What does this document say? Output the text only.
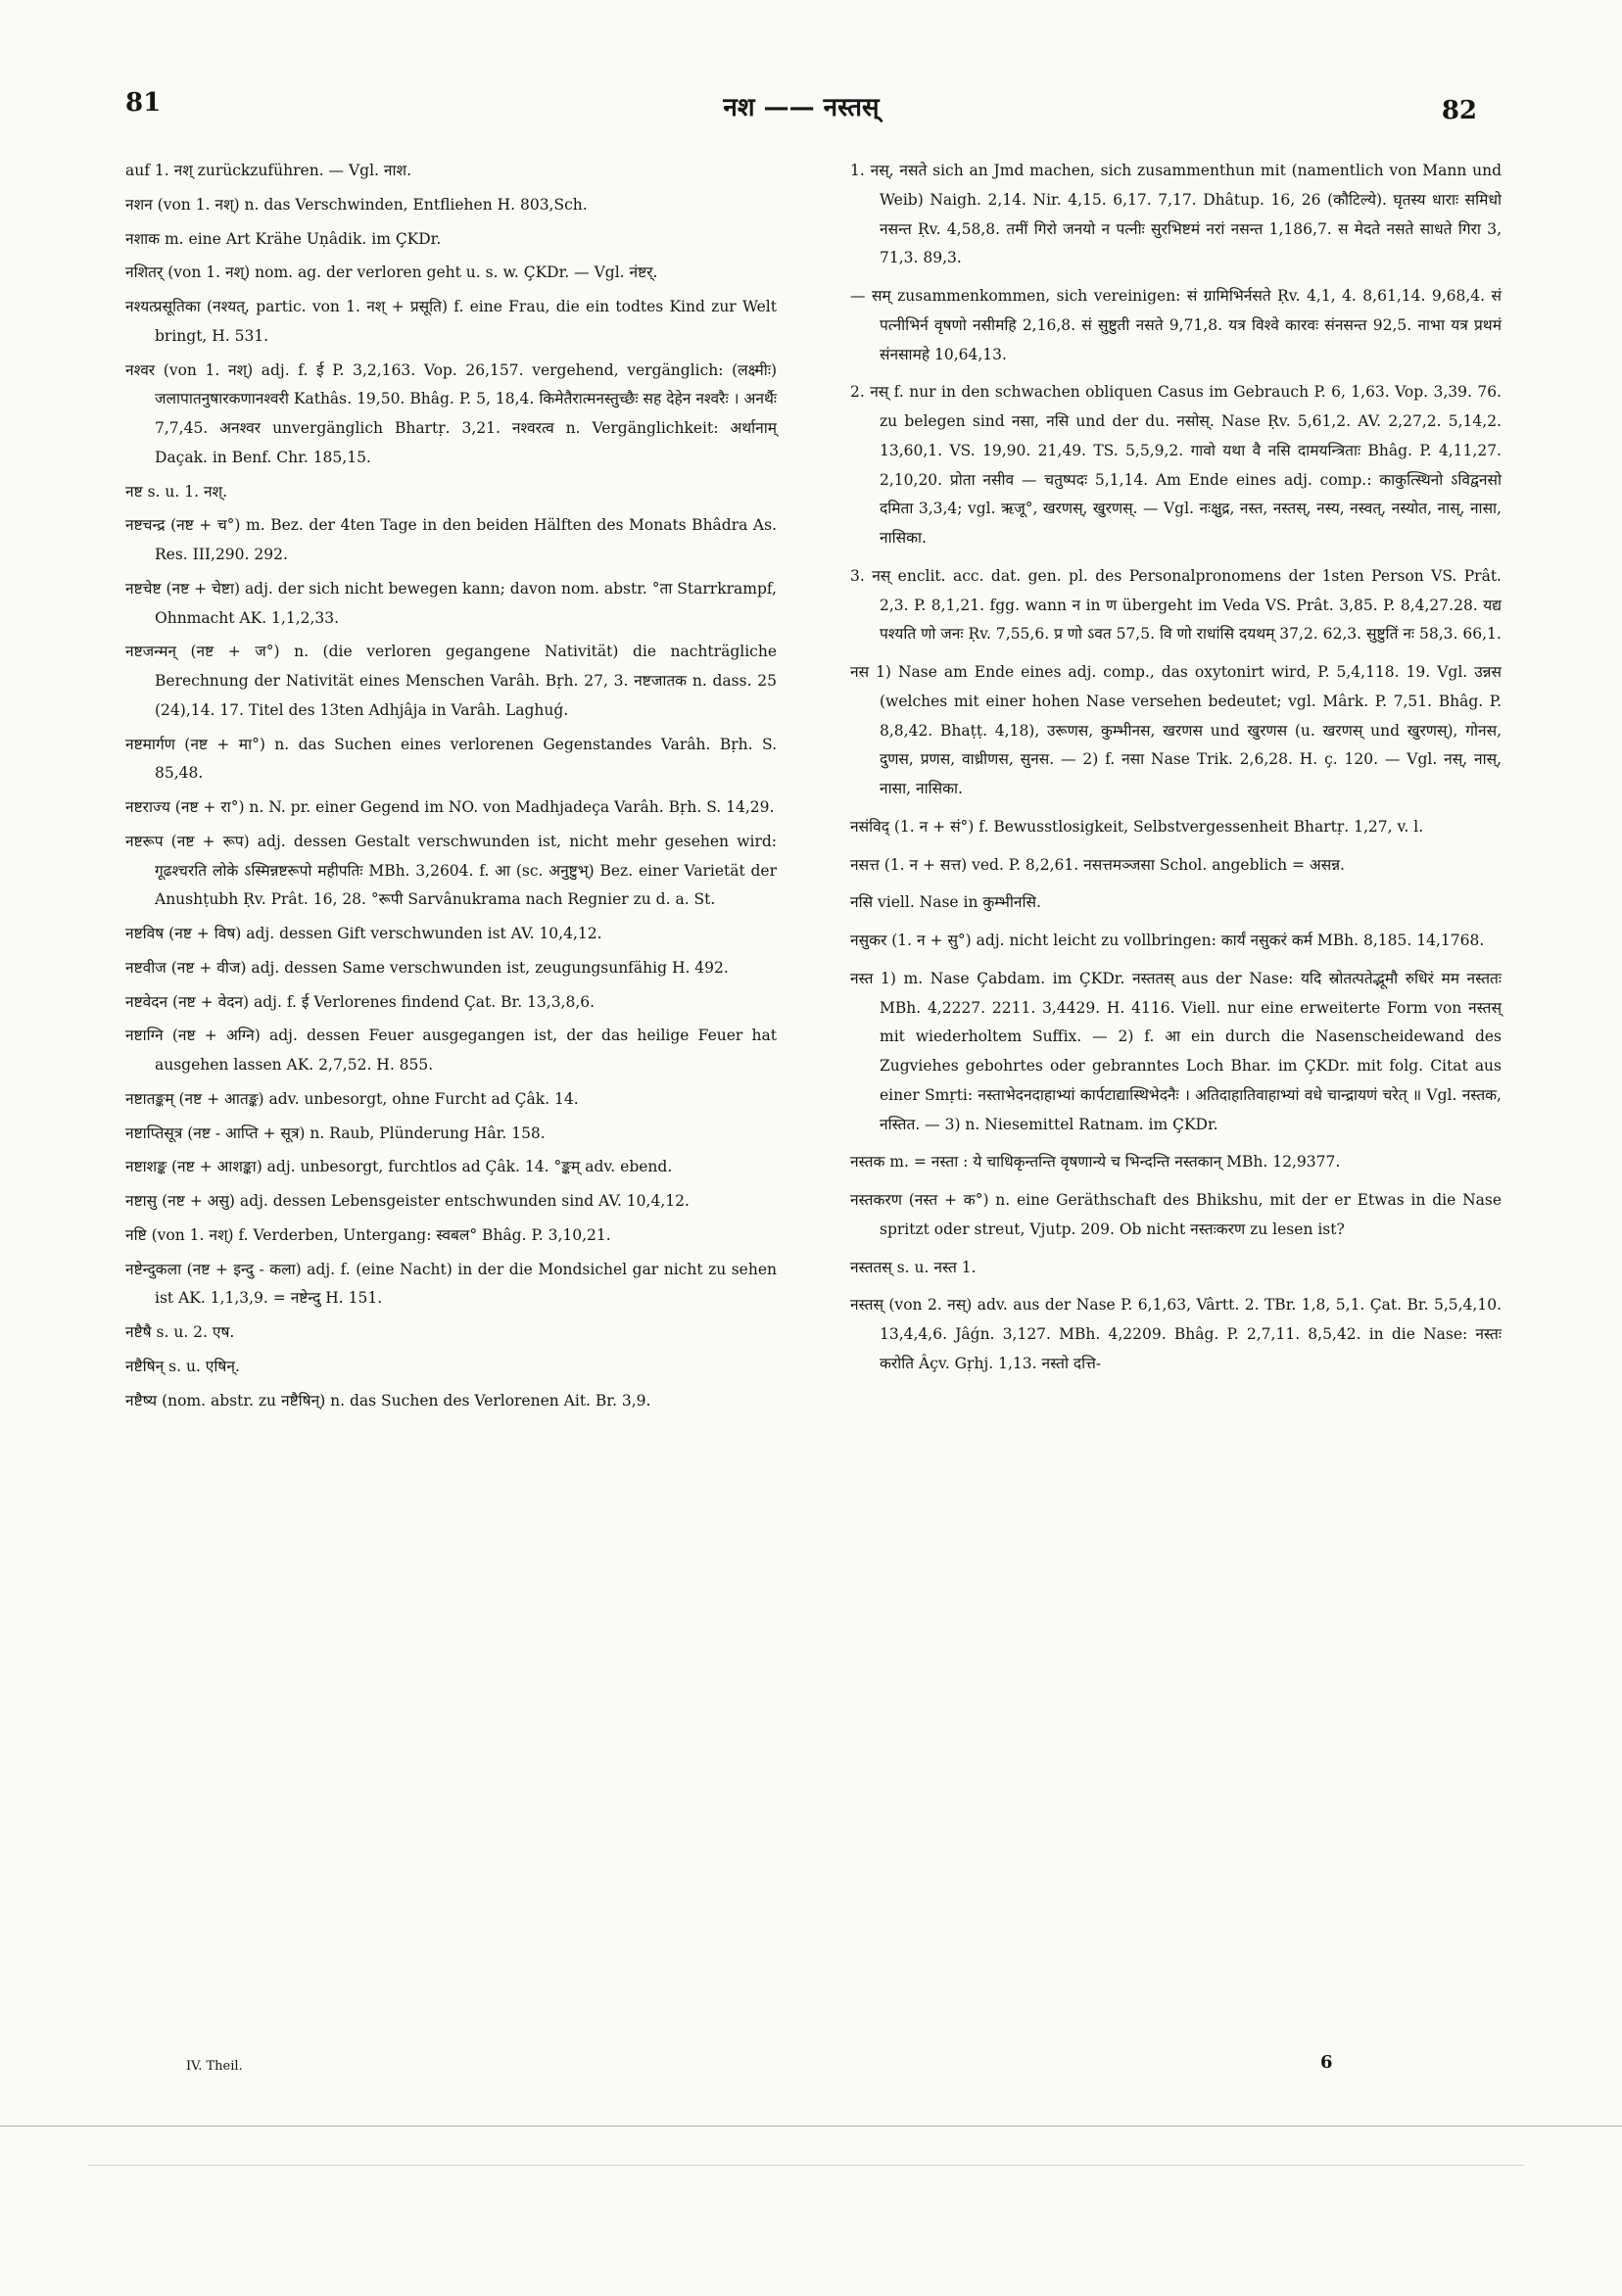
81	नश —— नस्तस्	82

auf 1. नश् zurückzuführen. — Vgl. नाश.

नशन (von 1. नश्) n. das Verschwinden, Entfliehen H. 803,Sch.

नशाक m. eine Art Krähe Uṇâdik. im ÇKDr.

नशितर् (von 1. नश्) nom. ag. der verloren geht u. s. w. ÇKDr. — Vgl. नंष्टर्.

नश्यत्प्रसूतिका (नश्यत्, partic. von 1. नश् + प्रसूति) f. eine Frau, die ein todtes Kind zur Welt bringt, H. 531.

नश्वर (von 1. नश्) adj. f. ई P. 3,2,163. Vop. 26,157. vergehend, vergänglich: (लक्ष्मीः) जलापातनुषारकणानश्वरी Kathâs. 19,50. Bhâg. P. 5, 18,4. किमेतैरात्मनस्तुच्छैः सह देहेन नश्वरैः । अनर्थैः 7,7,45. अनश्वर unvergänglich Bhartṛ. 3,21. नश्वरत्व n. Vergänglichkeit: अर्थानाम् Daçak. in Benf. Chr. 185,15.

नष्ट s. u. 1. नश्.

नष्टचन्द्र (नष्ट + च°) m. Bez. der 4ten Tage in den beiden Hälften des Monats Bhâdra As. Res. III,290. 292.

नष्टचेष्ट (नष्ट + चेष्टा) adj. der sich nicht bewegen kann; davon nom. abstr. °ता Starrkrampf, Ohnmacht AK. 1,1,2,33.

नष्टजन्मन् (नष्ट + ज°) n. (die verloren gegangene Nativität) die nachträgliche Berechnung der Nativität eines Menschen Varâh. Bṛh. 27, 3. नष्टजातक n. dass. 25 (24),14. 17. Titel des 13ten Adhjâja in Varâh. Laghuǵ.

नष्टमार्गण (नष्ट + मा°) n. das Suchen eines verlorenen Gegenstandes Varâh. Bṛh. S. 85,48.

नष्टराज्य (नष्ट + रा°) n. N. pr. einer Gegend im NO. von Madhjadeça Varâh. Bṛh. S. 14,29.

नष्टरूप (नष्ट + रूप) adj. dessen Gestalt verschwunden ist, nicht mehr gesehen wird: गूढश्चरति लोके ऽस्मिन्नष्टरूपो महीपतिः MBh. 3,2604. f. आ (sc. अनुष्टुभ्) Bez. einer Varietät der Anushṭubh Ṛv. Prât. 16, 28. °रूपी Sarvânukrama nach Regnier zu d. a. St.

नष्टविष (नष्ट + विष) adj. dessen Gift verschwunden ist AV. 10,4,12.

नष्टवीज (नष्ट + वीज) adj. dessen Same verschwunden ist, zeugungsunfähig H. 492.

नष्टवेदन (नष्ट + वेदन) adj. f. ई Verlorenes findend Çat. Br. 13,3,8,6.

नष्टाग्नि (नष्ट + अग्नि) adj. dessen Feuer ausgegangen ist, der das heilige Feuer hat ausgehen lassen AK. 2,7,52. H. 855.

नष्टातङ्कम् (नष्ट + आतङ्क) adv. unbesorgt, ohne Furcht ad Çâk. 14.

नष्टाप्तिसूत्र (नष्ट - आप्ति + सूत्र) n. Raub, Plünderung Hâr. 158.

नष्टाशङ्क (नष्ट + आशङ्का) adj. unbesorgt, furchtlos ad Çâk. 14. °ङ्कम् adv. ebend.

नष्टासु (नष्ट + असु) adj. dessen Lebensgeister entschwunden sind AV. 10,4,12.

नष्टि (von 1. नश्) f. Verderben, Untergang: स्वबल° Bhâg. P. 3,10,21.

नष्टेन्दुकला (नष्ट + इन्दु - कला) adj. f. (eine Nacht) in der die Mondsichel gar nicht zu sehen ist AK. 1,1,3,9. = नष्टेन्दु H. 151.

नष्टैषै s. u. 2. एष.

नष्टैषिन् s. u. एषिन्.

नष्टैष्य (nom. abstr. zu नष्टैषिन्) n. das Suchen des Verlorenen Ait. Br. 3,9.

1. नस्, नसते sich an Jmd machen, sich zusammenthun mit (namentlich von Mann und Weib) Naigh. 2,14. Nir. 4,15. 6,17. 7,17. Dhâtup. 16, 26 (कौटिल्ये). घृतस्य धाराः समिधो नसन्त Ṛv. 4,58,8. तमीं गिरो जनयो न पत्नीः सुरभिष्टमं नरां नसन्त 1,186,7. स मेदते नसते साधते गिरा 3, 71,3. 89,3.

— सम् zusammenkommen, sich vereinigen: सं ग्रामिभिर्नसते Ṛv. 4,1, 4. 8,61,14. 9,68,4. सं पत्नीभिर्न वृषणो नसीमहि 2,16,8. सं सुष्टुती नसते 9,71,8. यत्र विश्वे कारवः संनसन्त 92,5. नाभा यत्र प्रथमं संनसामहे 10,64,13.

2. नस् f. nur in den schwachen obliquen Casus im Gebrauch P. 6, 1,63. Vop. 3,39. 76. zu belegen sind नसा, नसि und der du. नसोस्. Nase Ṛv. 5,61,2. AV. 2,27,2. 5,14,2. 13,60,1. VS. 19,90. 21,49. TS. 5,5,9,2. गावो यथा वै नसि दामयन्त्रिताः Bhâg. P. 4,11,27. 2,10,20. प्रोता नसीव — चतुष्पदः 5,1,14. Am Ende eines adj. comp.: काकुत्स्थिनो ऽविद्वनसो दमिता 3,3,4; vgl. ऋजू°, खरणस्, खुरणस्. — Vgl. नःक्षुद्र, नस्त, नस्तस्, नस्य, नस्वत्, नस्योत, नास्, नासा, नासिका.

3. नस् enclit. acc. dat. gen. pl. des Personalpronomens der 1sten Person VS. Prât. 2,3. P. 8,1,21. fgg. wann न in ण übergeht im Veda VS. Prât. 3,85. P. 8,4,27.28. यद्य पश्यति णो जनः Ṛv. 7,55,6. प्र णो ऽवत 57,5. वि णो राधांसि दयथम् 37,2. 62,3. सुष्टुतिं नः 58,3. 66,1.

नस 1) Nase am Ende eines adj. comp., das oxytonirt wird, P. 5,4,118. 19. Vgl. उन्नस (welches mit einer hohen Nase versehen bedeutet; vgl. Mârk. P. 7,51. Bhâg. P. 8,8,42. Bhaṭṭ. 4,18), उरूणस, कुम्भीनस, खरणस und खुरणस (u. खरणस् und खुरणस्), गोनस, दुणस, प्रणस, वाध्रीणस, सुनस. — 2) f. नसा Nase Trik. 2,6,28. H. ç. 120. — Vgl. नस्, नास्, नासा, नासिका.

नसंविद् (1. न + सं°) f. Bewusstlosigkeit, Selbstvergessenheit Bhartṛ. 1,27, v. l.

नसत्त (1. न + सत्त) ved. P. 8,2,61. नसत्तमञ्जसा Schol. angeblich = असन्न.

नसि viell. Nase in कुम्भीनसि.

नसुकर (1. न + सु°) adj. nicht leicht zu vollbringen: कार्यं नसुकरं कर्म MBh. 8,185. 14,1768.

नस्त 1) m. Nase Çabdam. im ÇKDr. नस्ततस् aus der Nase: यदि स्रोतत्पतेद्भूमौ रुधिरं मम नस्ततः MBh. 4,2227. 2211. 3,4429. H. 4116. Viell. nur eine erweiterte Form von नस्तस् mit wiederholtem Suffix. — 2) f. आ ein durch die Nasenscheidewand des Zugviehes gebohrtes oder gebranntes Loch Bhar. im ÇKDr. mit folg. Citat aus einer Smṛti: नस्ताभेदनदाहाभ्यां कार्पटाद्यास्थिभेदनैः । अतिदाहातिवाहाभ्यां वधे चान्द्रायणं चरेत् ॥ Vgl. नस्तक, नस्तित. — 3) n. Niesemittel Ratnam. im ÇKDr.

नस्तक m. = नस्ता : ये चाधिकृन्तन्ति वृषणान्ये च भिन्दन्ति नस्तकान् MBh. 12,9377.

नस्तकरण (नस्त + क°) n. eine Geräthschaft des Bhikshu, mit der er Etwas in die Nase spritzt oder streut, Vjutp. 209. Ob nicht नस्तःकरण zu lesen ist?

नस्ततस् s. u. नस्त 1.

नस्तस् (von 2. नस्) adv. aus der Nase P. 6,1,63, Vârtt. 2. TBr. 1,8, 5,1. Çat. Br. 5,5,4,10. 13,4,4,6. Jâǵn. 3,127. MBh. 4,2209. Bhâg. P. 2,7,11. 8,5,42. in die Nase: नस्तः करोति Âçv. Gṛhj. 1,13. नस्तो दत्ति-

IV. Theil.	6
